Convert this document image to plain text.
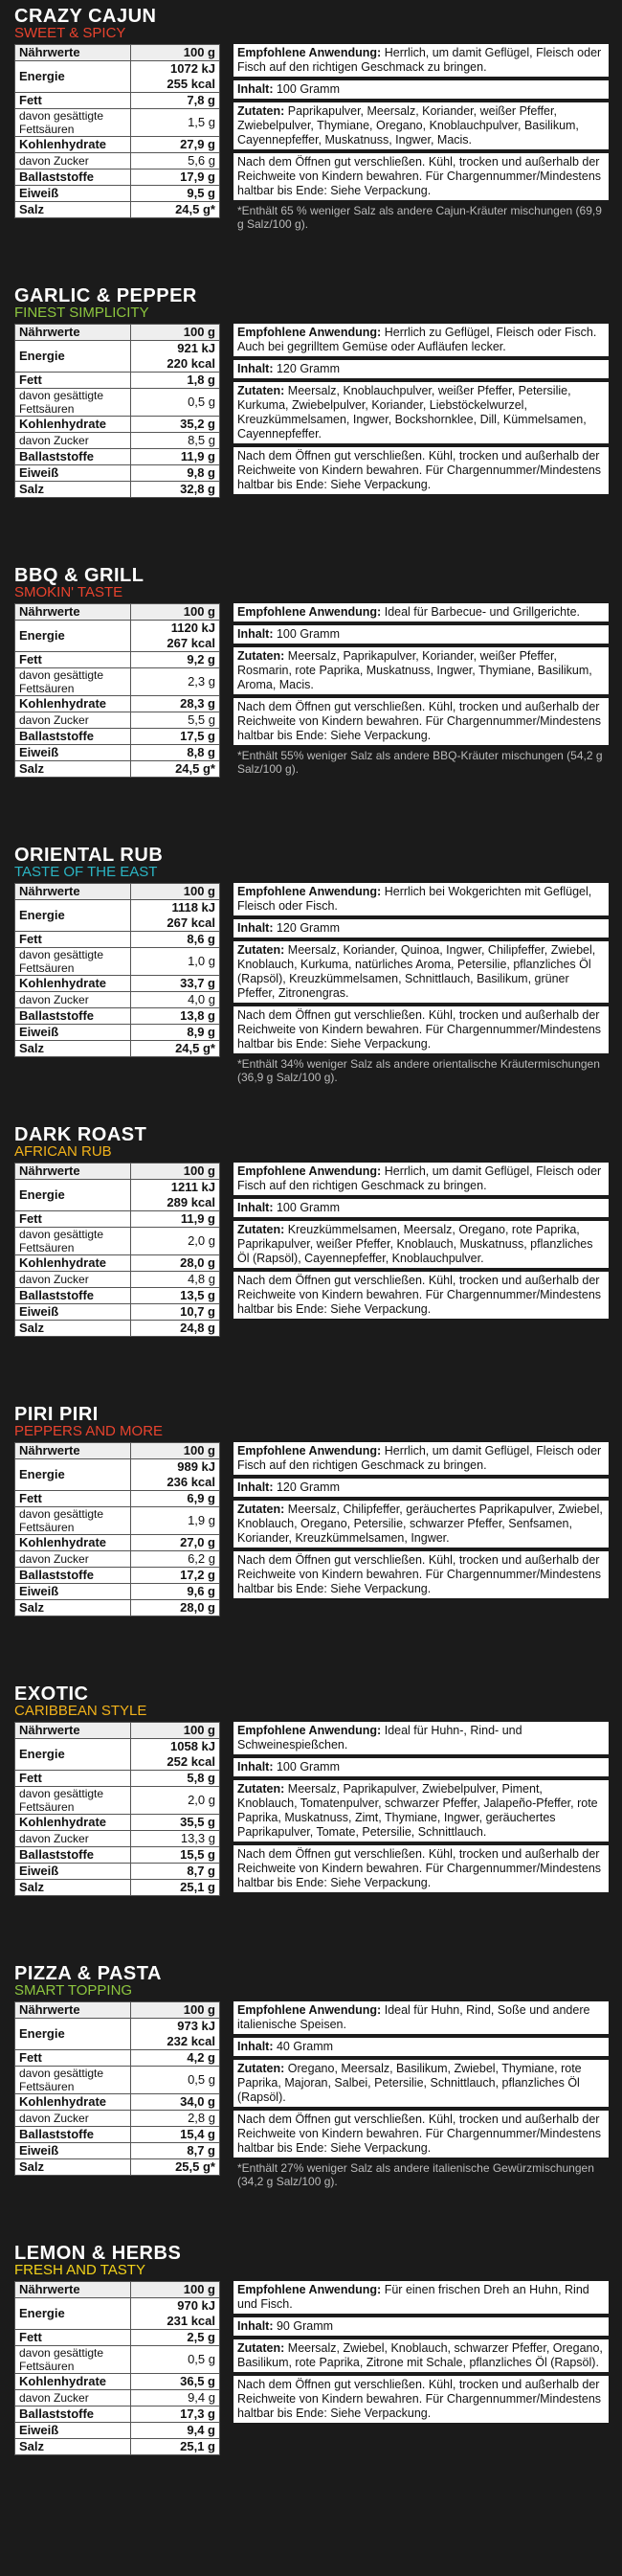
CRAZY CAJUN
SWEET & SPICY
Nährwerte	100 g
Energie	1072 kJ
255 kcal
Fett	7,8 g
davon gesättigte Fettsäuren	1,5 g
Kohlenhydrate	27,9 g
davon Zucker	5,6 g
Ballaststoffe	17,9 g
Eiweiß	9,5 g
Salz	24,5 g*
Empfohlene Anwendung: Herrlich, um damit Geflügel, Fleisch oder Fisch auf den richtigen Geschmack zu bringen.
Inhalt: 100 Gramm
Zutaten: Paprikapulver, Meersalz, Koriander, weißer Pfeffer, Zwiebelpulver, Thymiane, Oregano, Knoblauchpulver, Basilikum, Cayennepfeffer, Muskatnuss, Ingwer, Macis.
Nach dem Öffnen gut verschließen. Kühl, trocken und außerhalb der Reichweite von Kindern bewahren. Für Chargennummer/Mindestens haltbar bis Ende: Siehe Verpackung.
*Enthält 65 % weniger Salz als andere Cajun-Kräuter mischungen (69,9 g Salz/100 g).
GARLIC & PEPPER
FINEST SIMPLICITY
Nährwerte	100 g
Energie	921 kJ
220 kcal
Fett	1,8 g
davon gesättigte Fettsäuren	0,5 g
Kohlenhydrate	35,2 g
davon Zucker	8,5 g
Ballaststoffe	11,9 g
Eiweiß	9,8 g
Salz	32,8 g
Empfohlene Anwendung: Herrlich zu Geflügel, Fleisch oder Fisch. Auch bei gegrilltem Gemüse oder Aufläufen lecker.
Inhalt: 120 Gramm
Zutaten: Meersalz, Knoblauchpulver, weißer Pfeffer, Petersilie, Kurkuma, Zwiebelpulver, Koriander, Liebstöckelwurzel, Kreuzkümmelsamen, Ingwer, Bockshornklee, Dill, Kümmelsamen, Cayennepfeffer.
Nach dem Öffnen gut verschließen. Kühl, trocken und außerhalb der Reichweite von Kindern bewahren. Für Chargennummer/Mindestens haltbar bis Ende: Siehe Verpackung.
BBQ & GRILL
SMOKIN' TASTE
Nährwerte	100 g
Energie	1120 kJ
267 kcal
Fett	9,2 g
davon gesättigte Fettsäuren	2,3 g
Kohlenhydrate	28,3 g
davon Zucker	5,5 g
Ballaststoffe	17,5 g
Eiweiß	8,8 g
Salz	24,5 g*
Empfohlene Anwendung: Ideal für Barbecue- und Grillgerichte.
Inhalt: 100 Gramm
Zutaten: Meersalz, Paprikapulver, Koriander, weißer Pfeffer, Rosmarin, rote Paprika, Muskatnuss, Ingwer, Thymiane, Basilikum, Aroma, Macis.
Nach dem Öffnen gut verschließen. Kühl, trocken und außerhalb der Reichweite von Kindern bewahren. Für Chargennummer/Mindestens haltbar bis Ende: Siehe Verpackung.
*Enthält 55% weniger Salz als andere BBQ-Kräuter mischungen (54,2 g Salz/100 g).
ORIENTAL RUB
TASTE OF THE EAST
Nährwerte	100 g
Energie	1118 kJ
267 kcal
Fett	8,6 g
davon gesättigte Fettsäuren	1,0 g
Kohlenhydrate	33,7 g
davon Zucker	4,0 g
Ballaststoffe	13,8 g
Eiweiß	8,9 g
Salz	24,5 g*
Empfohlene Anwendung: Herrlich bei Wokgerichten mit Geflügel, Fleisch oder Fisch.
Inhalt: 120 Gramm
Zutaten: Meersalz, Koriander, Quinoa, Ingwer, Chilipfeffer, Zwiebel, Knoblauch, Kurkuma, natürliches Aroma, Petersilie, pflanzliches Öl (Rapsöl), Kreuzkümmelsamen, Schnittlauch, Basilikum, grüner Pfeffer, Zitronengras.
Nach dem Öffnen gut verschließen. Kühl, trocken und außerhalb der Reichweite von Kindern bewahren. Für Chargennummer/Mindestens haltbar bis Ende: Siehe Verpackung.
*Enthält 34% weniger Salz als andere orientalische Kräutermischungen (36,9 g Salz/100 g).
DARK ROAST
AFRICAN RUB
Nährwerte	100 g
Energie	1211 kJ
289 kcal
Fett	11,9 g
davon gesättigte Fettsäuren	2,0 g
Kohlenhydrate	28,0 g
davon Zucker	4,8 g
Ballaststoffe	13,5 g
Eiweiß	10,7 g
Salz	24,8 g
Empfohlene Anwendung: Herrlich, um damit Geflügel, Fleisch oder Fisch auf den richtigen Geschmack zu bringen.
Inhalt: 100 Gramm
Zutaten: Kreuzkümmelsamen, Meersalz, Oregano, rote Paprika, Paprikapulver, weißer Pfeffer, Knoblauch, Muskatnuss, pflanzliches Öl (Rapsöl), Cayennepfeffer, Knoblauchpulver.
Nach dem Öffnen gut verschließen. Kühl, trocken und außerhalb der Reichweite von Kindern bewahren. Für Chargennummer/Mindestens haltbar bis Ende: Siehe Verpackung.
PIRI PIRI
PEPPERS AND MORE
Nährwerte	100 g
Energie	989 kJ
236 kcal
Fett	6,9 g
davon gesättigte Fettsäuren	1,9 g
Kohlenhydrate	27,0 g
davon Zucker	6,2 g
Ballaststoffe	17,2 g
Eiweiß	9,6 g
Salz	28,0 g
Empfohlene Anwendung: Herrlich, um damit Geflügel, Fleisch oder Fisch auf den richtigen Geschmack zu bringen.
Inhalt: 120 Gramm
Zutaten: Meersalz, Chilipfeffer, geräuchertes Paprikapulver, Zwiebel, Knoblauch, Oregano, Petersilie, schwarzer Pfeffer, Senfsamen, Koriander, Kreuzkümmelsamen, Ingwer.
Nach dem Öffnen gut verschließen. Kühl, trocken und außerhalb der Reichweite von Kindern bewahren. Für Chargennummer/Mindestens haltbar bis Ende: Siehe Verpackung.
EXOTIC
CARIBBEAN STYLE
Nährwerte	100 g
Energie	1058 kJ
252 kcal
Fett	5,8 g
davon gesättigte Fettsäuren	2,0 g
Kohlenhydrate	35,5 g
davon Zucker	13,3 g
Ballaststoffe	15,5 g
Eiweiß	8,7 g
Salz	25,1 g
Empfohlene Anwendung: Ideal für Huhn-, Rind- und Schweinespießchen.
Inhalt: 100 Gramm
Zutaten: Meersalz, Paprikapulver, Zwiebelpulver, Piment, Knoblauch, Tomatenpulver, schwarzer Pfeffer, Jalapeño-Pfeffer, rote Paprika, Muskatnuss, Zimt, Thymiane, Ingwer, geräuchertes Paprikapulver, Tomate, Petersilie, Schnittlauch.
Nach dem Öffnen gut verschließen. Kühl, trocken und außerhalb der Reichweite von Kindern bewahren. Für Chargennummer/Mindestens haltbar bis Ende: Siehe Verpackung.
PIZZA & PASTA
SMART TOPPING
Nährwerte	100 g
Energie	973 kJ
232 kcal
Fett	4,2 g
davon gesättigte Fettsäuren	0,5 g
Kohlenhydrate	34,0 g
davon Zucker	2,8 g
Ballaststoffe	15,4 g
Eiweiß	8,7 g
Salz	25,5 g*
Empfohlene Anwendung: Ideal für Huhn, Rind, Soße und andere italienische Speisen.
Inhalt: 40 Gramm
Zutaten: Oregano, Meersalz, Basilikum, Zwiebel, Thymiane, rote Paprika, Majoran, Salbei, Petersilie, Schnittlauch, pflanzliches Öl (Rapsöl).
Nach dem Öffnen gut verschließen. Kühl, trocken und außerhalb der Reichweite von Kindern bewahren. Für Chargennummer/Mindestens haltbar bis Ende: Siehe Verpackung.
*Enthält 27% weniger Salz als andere italienische Gewürzmischungen (34,2 g Salz/100 g).
LEMON & HERBS
FRESH AND TASTY
Nährwerte	100 g
Energie	970 kJ
231 kcal
Fett	2,5 g
davon gesättigte Fettsäuren	0,5 g
Kohlenhydrate	36,5 g
davon Zucker	9,4 g
Ballaststoffe	17,3 g
Eiweiß	9,4 g
Salz	25,1 g
Empfohlene Anwendung: Für einen frischen Dreh an Huhn, Rind und Fisch.
Inhalt: 90 Gramm
Zutaten: Meersalz, Zwiebel, Knoblauch, schwarzer Pfeffer, Oregano, Basilikum, rote Paprika, Zitrone mit Schale, pflanzliches Öl (Rapsöl).
Nach dem Öffnen gut verschließen. Kühl, trocken und außerhalb der Reichweite von Kindern bewahren. Für Chargennummer/Mindestens haltbar bis Ende: Siehe Verpackung.
